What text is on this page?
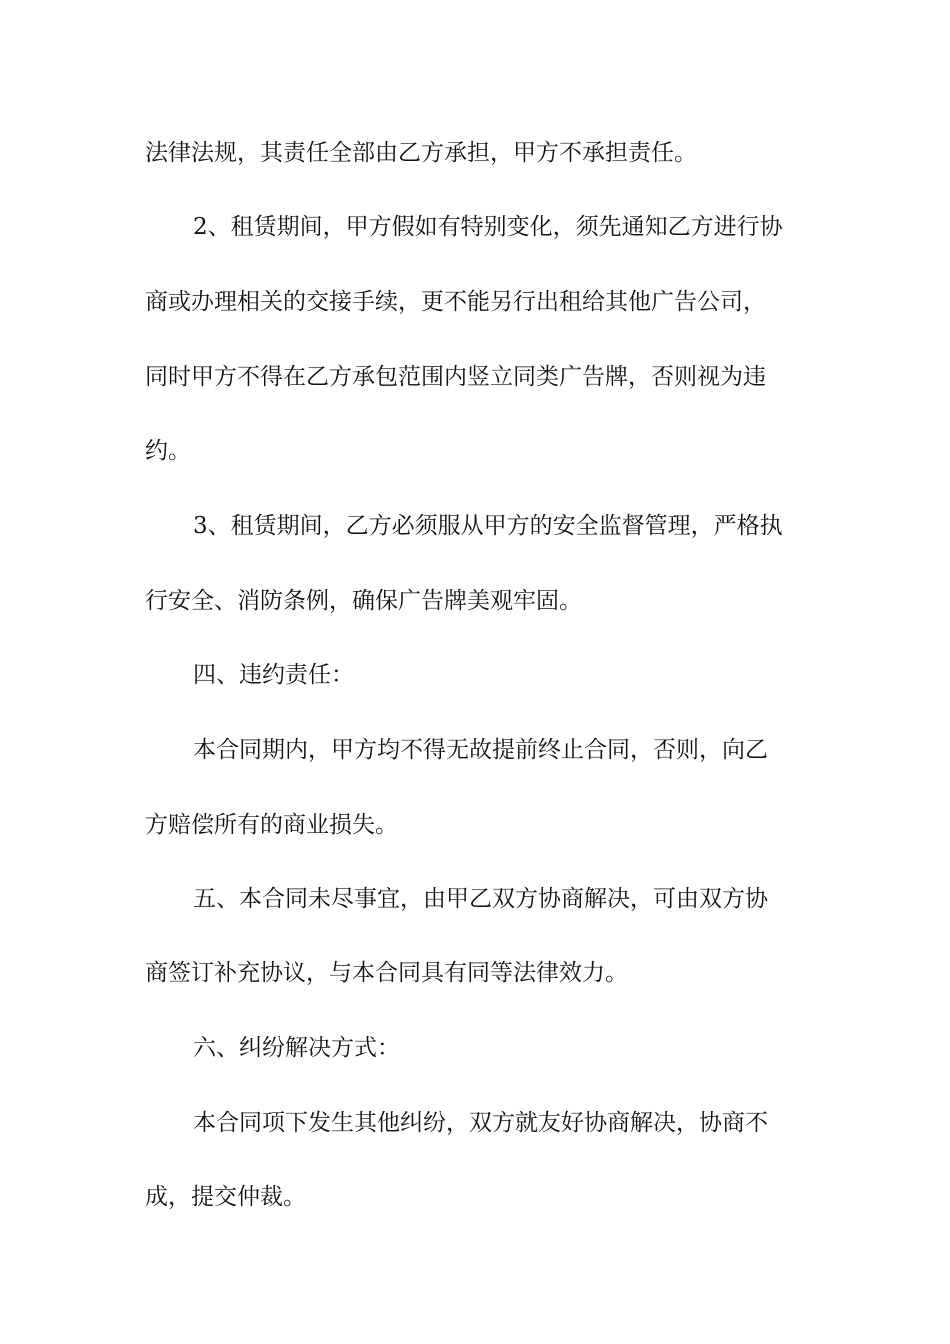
法律法规，其责任全部由乙方承担，甲方不承担责任。
2、租赁期间，甲方假如有特别变化，须先通知乙方进行协
商或办理相关的交接手续，更不能另行出租给其他广告公司，
同时甲方不得在乙方承包范围内竖立同类广告牌，否则视为违
约。
3、租赁期间，乙方必须服从甲方的安全监督管理，严格执
行安全、消防条例，确保广告牌美观牢固。
四、违约责任：
本合同期内，甲方均不得无故提前终止合同，否则，向乙
方赔偿所有的商业损失。
五、本合同未尽事宜，由甲乙双方协商解决，可由双方协
商签订补充协议，与本合同具有同等法律效力。
六、纠纷解决方式：
本合同项下发生其他纠纷，双方就友好协商解决，协商不
成，提交仲裁。
